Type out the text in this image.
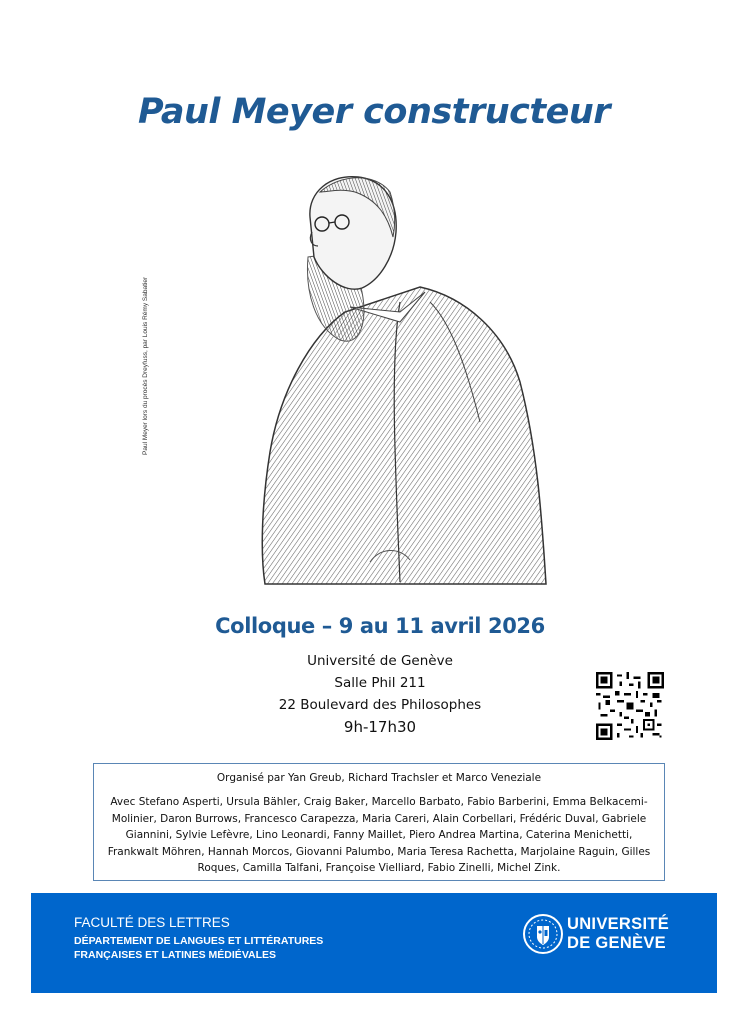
Paul Meyer constructeur
Paul Meyer lors du procès Dreyfuss, par Louis Rémy Sabatier
Colloque – 9 au 11 avril 2026
Université de Genève
Salle Phil 211
22 Boulevard des Philosophes
9h-17h30
Organisé par Yan Greub, Richard Trachsler et Marco Veneziale
Avec Stefano Asperti, Ursula Bähler, Craig Baker, Marcello Barbato, Fabio Barberini, Emma Belkacemi-Molinier, Daron Burrows, Francesco Carapezza, Maria Careri, Alain Corbellari, Frédéric Duval, Gabriele Giannini, Sylvie Lefèvre, Lino Leonardi, Fanny Maillet, Piero Andrea Martina, Caterina Menichetti, Frankwalt Möhren, Hannah Morcos, Giovanni Palumbo, Maria Teresa Rachetta, Marjolaine Raguin, Gilles Roques, Camilla Talfani, Françoise Vielliard, Fabio Zinelli, Michel Zink.
FACULTÉ DES LETTRES
DÉPARTEMENT DE LANGUES ET LITTÉRATURES
FRANÇAISES ET LATINES MÉDIÉVALES
UNIVERSITÉ
DE GENÈVE
